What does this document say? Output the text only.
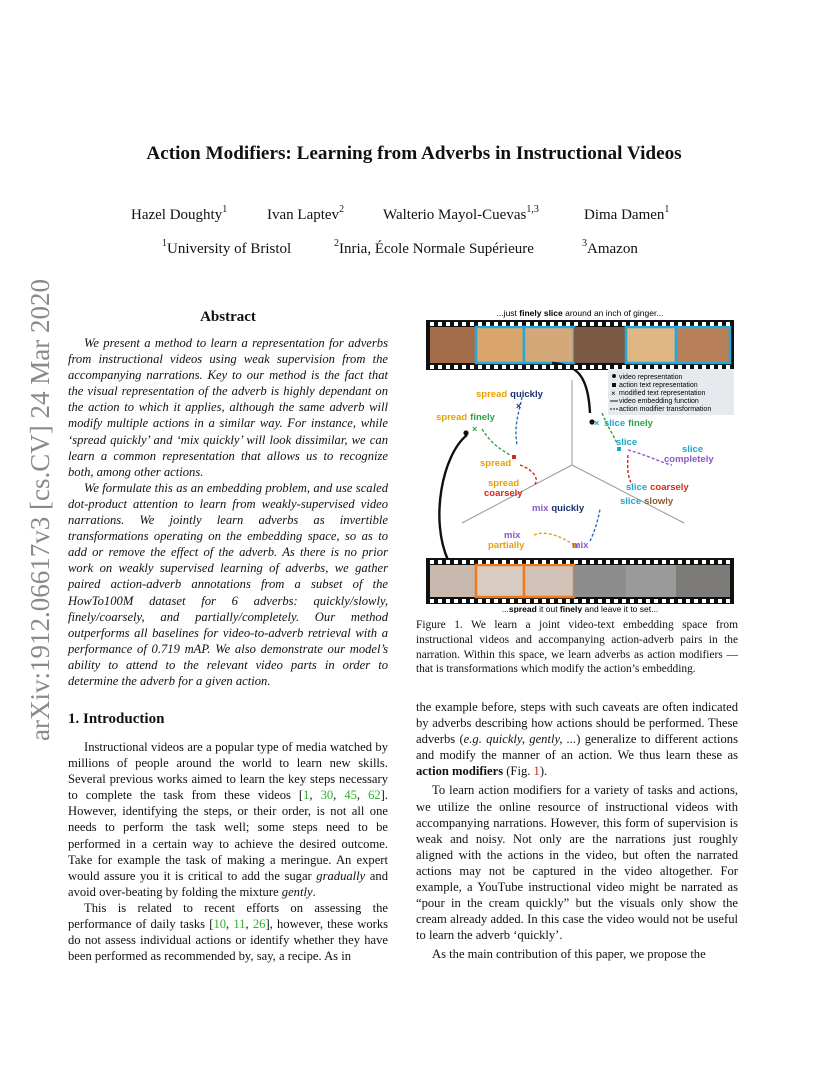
arXiv:1912.06617v3 [cs.CV] 24 Mar 2020
Action Modifiers: Learning from Adverbs in Instructional Videos
Hazel Doughty$^1$	Ivan Laptev$^2$	Walterio Mayol-Cuevas$^{1,3}$	Dima Damen$^1$
$^1$University of Bristol	$^2$Inria, École Normale Supérieure	$^3$Amazon
Abstract

We present a method to learn a representation for adverbs from instructional videos using weak supervision from the accompanying narrations. Key to our method is the fact that the visual representation of the adverb is highly dependant on the action to which it applies, although the same adverb will modify multiple actions in a similar way. For instance, while ‘spread quickly’ and ‘mix quickly’ will look dissimilar, we can learn a common representation that allows us to recognize both, among other actions.

We formulate this as an embedding problem, and use scaled dot-product attention to learn from weakly-supervised video narrations. We jointly learn adverbs as invertible transformations operating on the embedding space, so as to add or remove the effect of the adverb. As there is no prior work on weakly supervised learning of adverbs, we gather paired action-adverb annotations from a subset of the HowTo100M dataset for 6 adverbs: quickly/slowly, finely/coarsely, and partially/completely. Our method outperforms all baselines for video-to-adverb retrieval with a performance of 0.719 mAP. We also demonstrate our model’s ability to attend to the relevant video parts in order to determine the adverb for a given action.

1. Introduction

Instructional videos are a popular type of media watched by millions of people around the world to learn new skills. Several previous works aimed to learn the key steps necessary to complete the task from these videos [1, 30, 45, 62]. However, identifying the steps, or their order, is not all one needs to perform the task well; some steps need to be performed in a certain way to achieve the desired outcome. Take for example the task of making a meringue. An expert would assure you it is critical to add the sugar gradually and avoid over-beating by folding the mixture gently.

This is related to recent efforts on assessing the performance of daily tasks [10, 11, 26], however, these works do not assess individual actions or identify whether they have been performed as recommended by, say, a recipe. As in

...just finely slice around an inch of ginger...
video representation
action text representation
× modified text representation
video embedding function
action modifier transformation
×
×
×
spread quickly
spread finely
spread
spread
coarsely
slice finely
slice
slice
completely
slice coarsely
slice slowly
mix quickly
mix
partially	mix
...spread it out finely and leave it to set...
Figure 1. We learn a joint video-text embedding space from instructional videos and accompanying action-adverb pairs in the narration. Within this space, we learn adverbs as action modifiers — that is transformations which modify the action’s embedding.

the example before, steps with such caveats are often indicated by adverbs describing how actions should be performed. These adverbs (e.g. quickly, gently, ...) generalize to different actions and modify the manner of an action. We thus learn these as action modifiers (Fig. 1).

To learn action modifiers for a variety of tasks and actions, we utilize the online resource of instructional videos with accompanying narrations. However, this form of supervision is weak and noisy. Not only are the narrations just roughly aligned with the actions in the video, but often the narrated actions may not be captured in the video altogether. For example, a YouTube instructional video might be narrated as “pour in the cream quickly” but the visuals only show the cream already added. In this case the video would not be useful to learn the adverb ‘quickly’.

As the main contribution of this paper, we propose the
